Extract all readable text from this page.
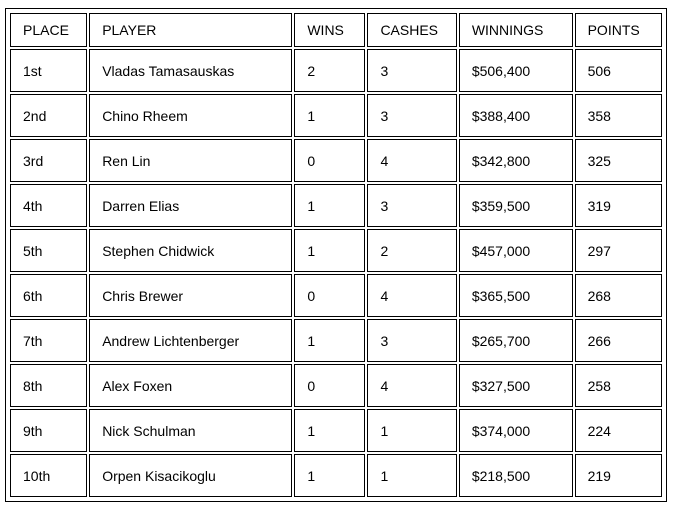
PLACE	PLAYER	WINS	CASHES	WINNINGS	POINTS
1st	Vladas Tamasauskas	2	3	$506,400	506
2nd	Chino Rheem	1	3	$388,400	358
3rd	Ren Lin	0	4	$342,800	325
4th	Darren Elias	1	3	$359,500	319
5th	Stephen Chidwick	1	2	$457,000	297
6th	Chris Brewer	0	4	$365,500	268
7th	Andrew Lichtenberger	1	3	$265,700	266
8th	Alex Foxen	0	4	$327,500	258
9th	Nick Schulman	1	1	$374,000	224
10th	Orpen Kisacikoglu	1	1	$218,500	219
